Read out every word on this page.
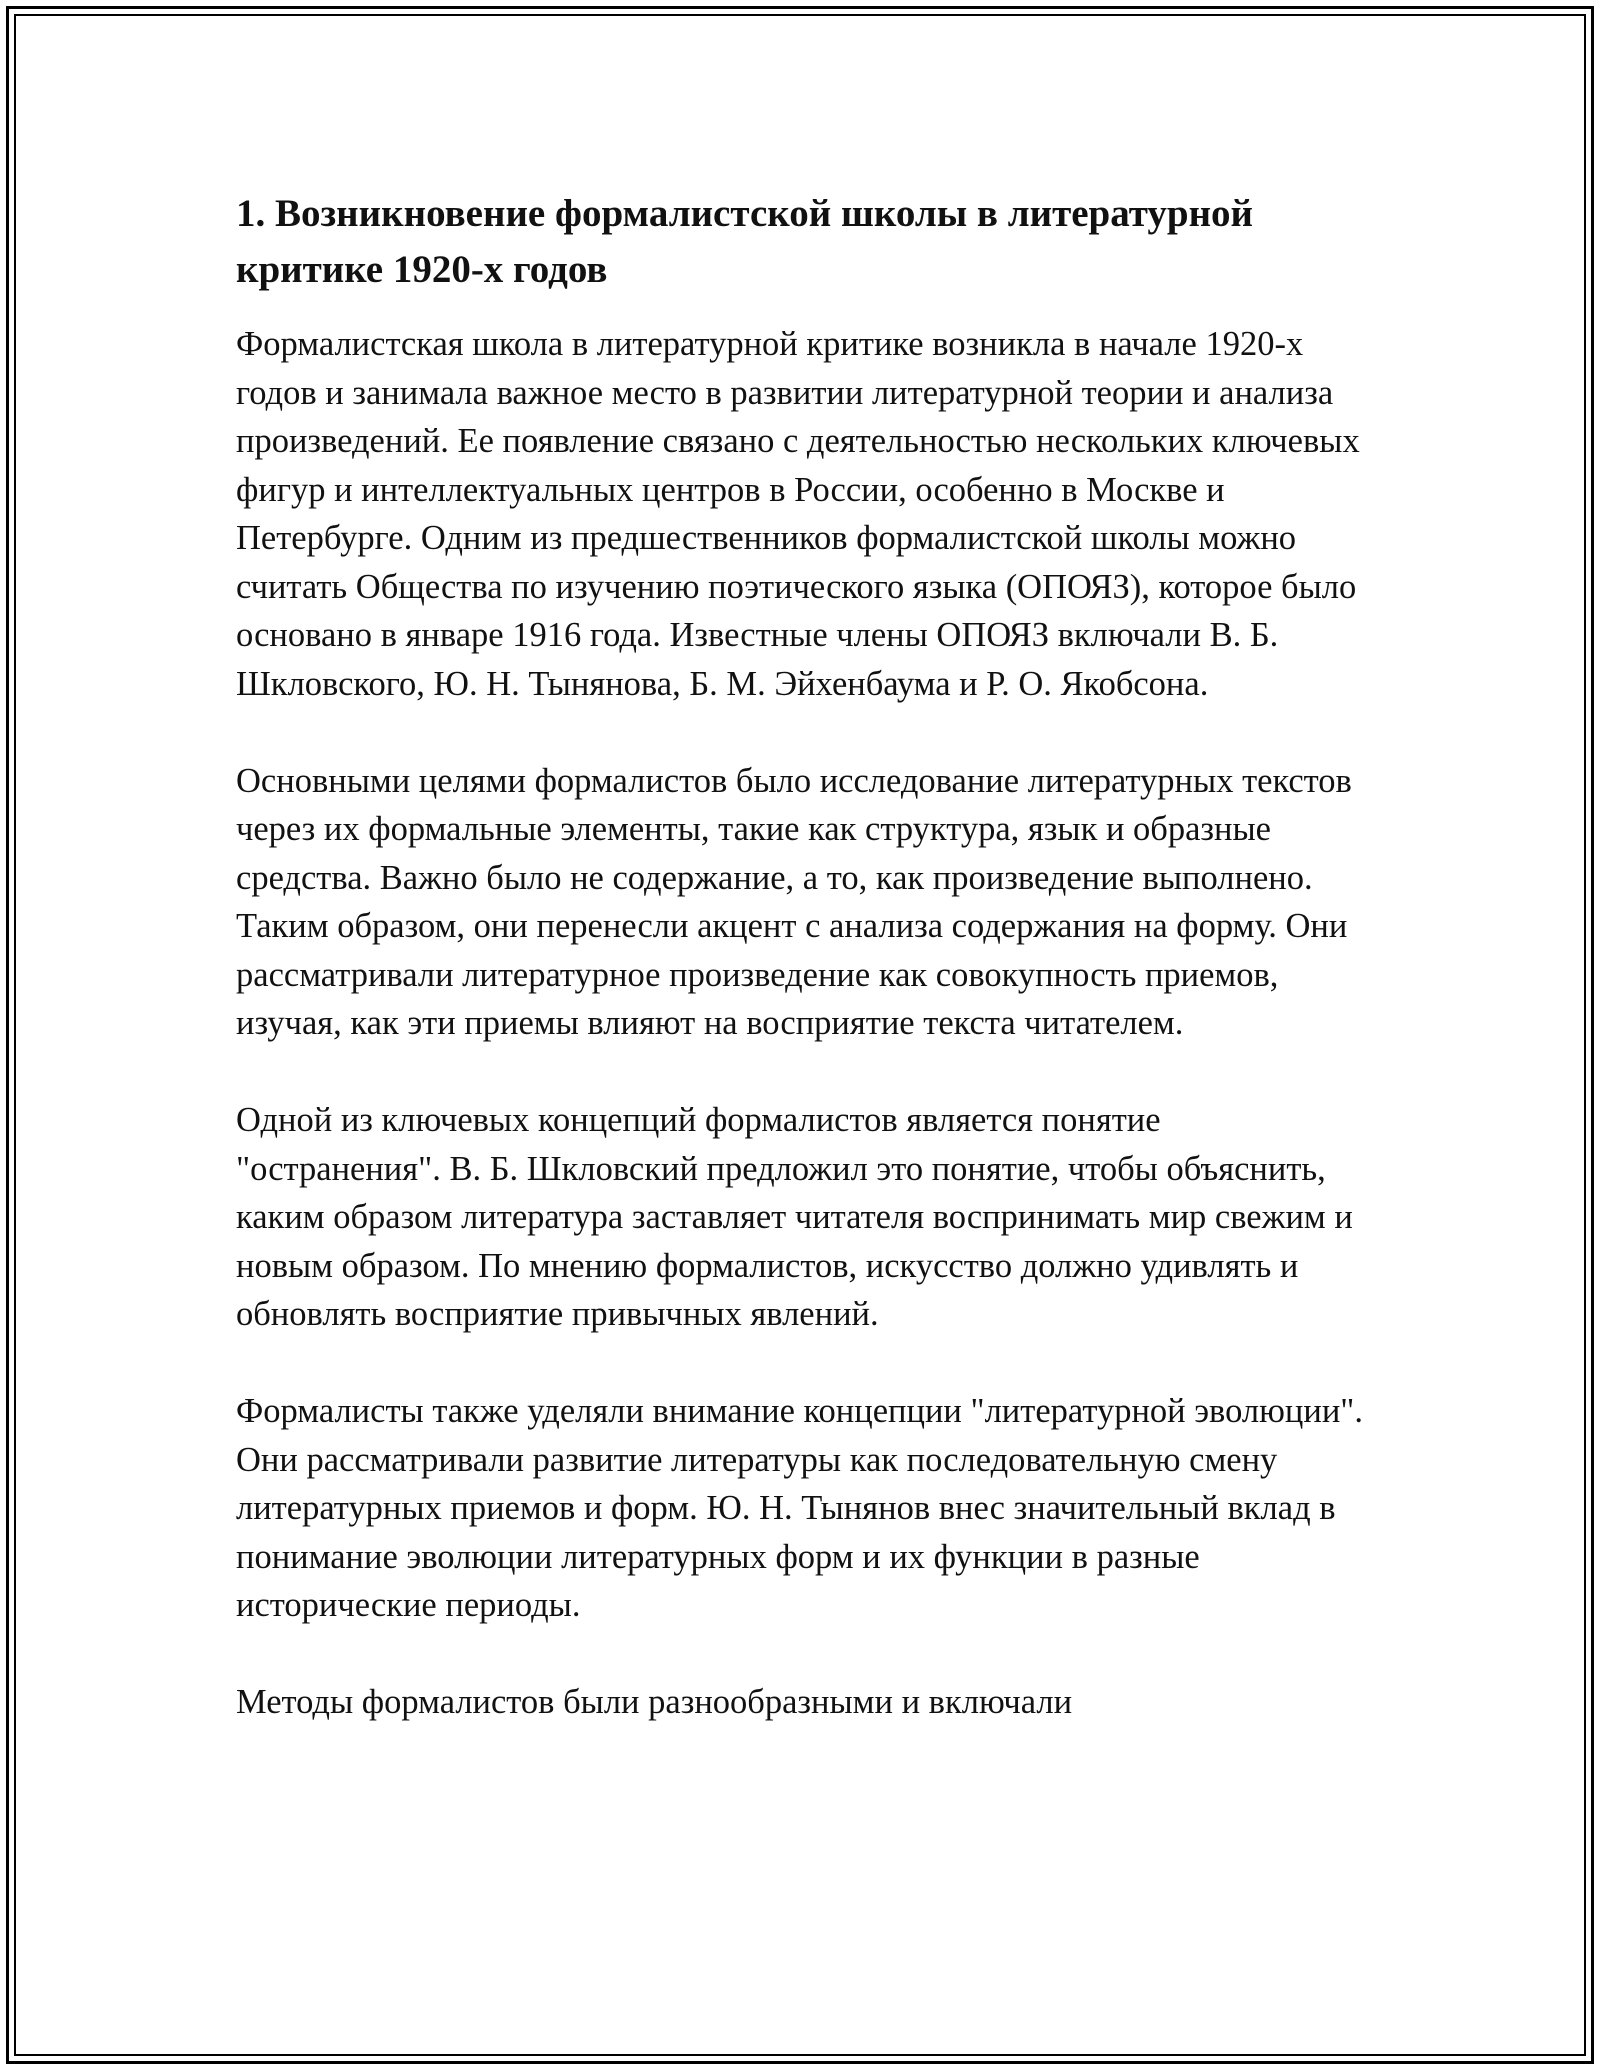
1. Возникновение формалистской школы в литературной критике 1920-х годов

Формалистская школа в литературной критике возникла в начале 1920-х годов и занимала важное место в развитии литературной теории и анализа произведений. Ее появление связано с деятельностью нескольких ключевых фигур и интеллектуальных центров в России, особенно в Москве и Петербурге. Одним из предшественников формалистской школы можно считать Общества по изучению поэтического языка (ОПОЯЗ), которое было основано в январе 1916 года. Известные члены ОПОЯЗ включали В. Б. Шкловского, Ю. Н. Тынянова, Б. М. Эйхенбаума и Р. О. Якобсона.

Основными целями формалистов было исследование литературных текстов через их формальные элементы, такие как структура, язык и образные средства. Важно было не содержание, а то, как произведение выполнено. Таким образом, они перенесли акцент с анализа содержания на форму. Они рассматривали литературное произведение как совокупность приемов, изучая, как эти приемы влияют на восприятие текста читателем.

Одной из ключевых концепций формалистов является понятие "остранения". В. Б. Шкловский предложил это понятие, чтобы объяснить, каким образом литература заставляет читателя воспринимать мир свежим и новым образом. По мнению формалистов, искусство должно удивлять и обновлять восприятие привычных явлений.

Формалисты также уделяли внимание концепции "литературной эволюции". Они рассматривали развитие литературы как последовательную смену литературных приемов и форм. Ю. Н. Тынянов внес значительный вклад в понимание эволюции литературных форм и их функции в разные исторические периоды.

Методы формалистов были разнообразными и включали
